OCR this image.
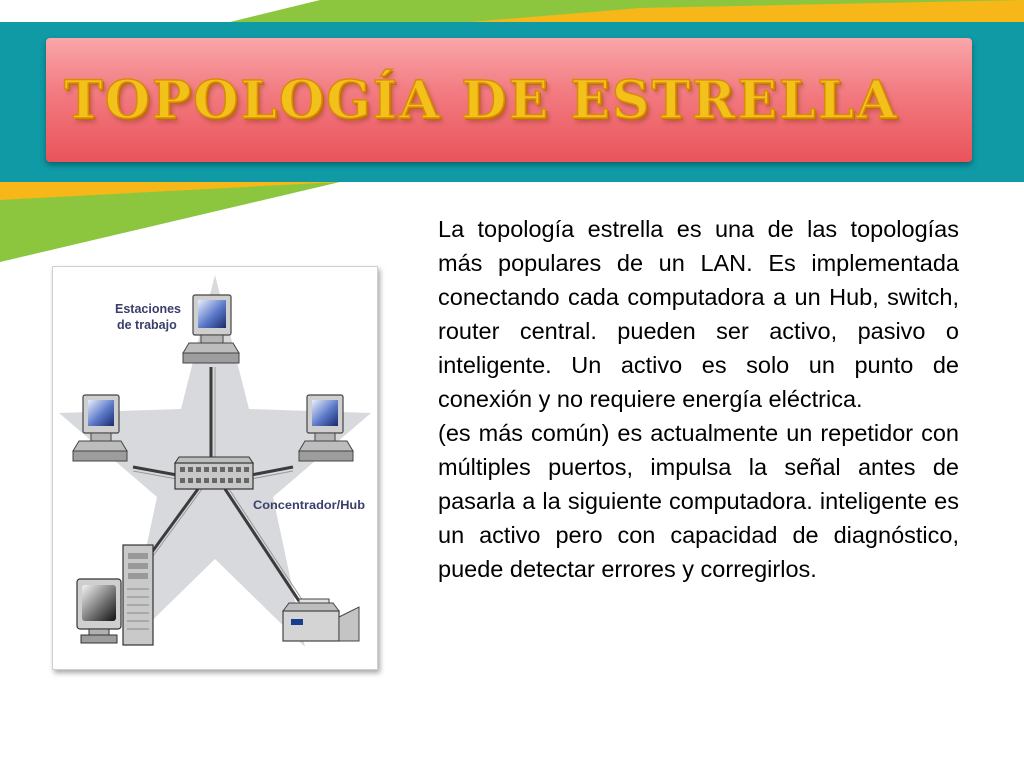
TOPOLOGÍA DE ESTRELLA
Estaciones
de trabajo
Concentrador/Hub
La topología estrella es una de las topologías más populares de un LAN. Es implementada conectando cada computadora a un Hub, switch, router central. pueden ser activo, pasivo o inteligente. Un activo es solo un punto de conexión y no requiere energía eléctrica.
(es más común) es actualmente un repetidor con múltiples puertos, impulsa la señal antes de pasarla a la siguiente computadora. inteligente es un activo pero con capacidad de diagnóstico, puede detectar errores y corregirlos.
